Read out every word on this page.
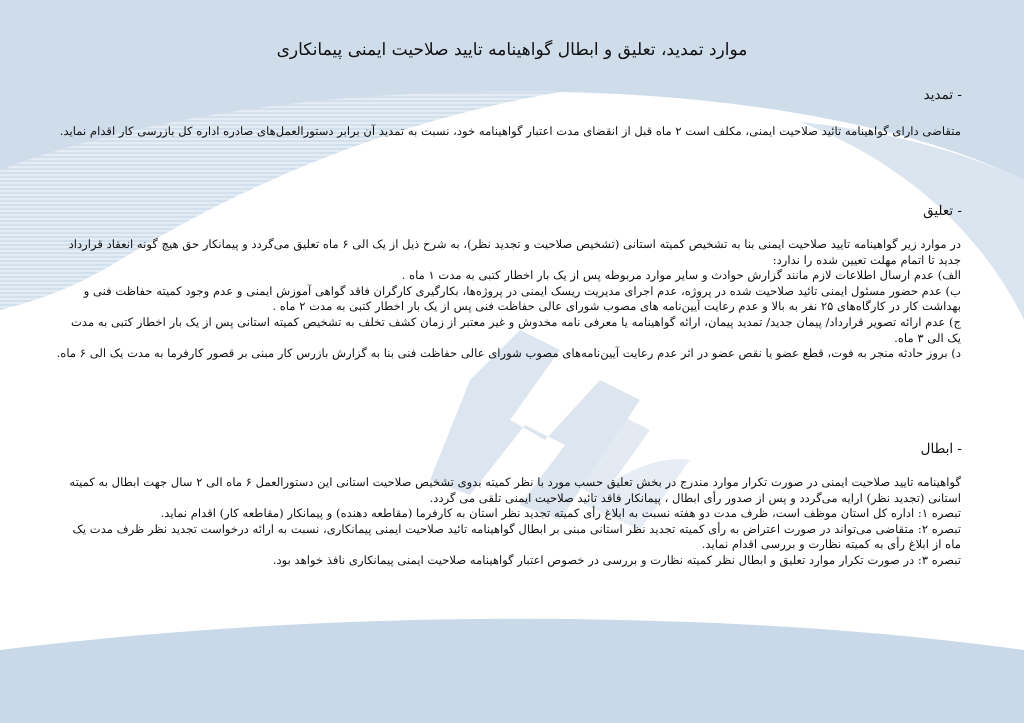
موارد تمدید، تعلیق و ابطال گواهینامه تایید صلاحیت ایمنی پیمانکاری
- تمدید

متقاضی دارای گواهینامه تائید صلاحیت ایمنی، مکلف است ۲ ماه قبل از انقضای مدت اعتبار گواهینامه خود، نسبت به تمدید آن برابر دستورالعمل‌های صادره اداره کل بازرسی کار اقدام نماید.

- تعلیق

در موارد زیر گواهینامه تایید صلاحیت ایمنی بنا به تشخیص کمیته استانی (تشخیص صلاحیت و تجدید نظر)، به شرح ذیل از یک الی ۶ ماه تعلیق می‌گردد و پیمانکار حق هیچ گونه انعقاد قرارداد جدید تا اتمام مهلت تعیین شده را ندارد:

الف) عدم ارسال اطلاعات لازم مانند گزارش حوادث و سایر موارد مربوطه پس از یک بار اخطار کتبی به مدت ۱ ماه .

ب) عدم حضور مسئول ایمنی تائید صلاحیت شده در پروژه، عدم اجرای مدیریت ریسک ایمنی در پروژه‌ها، بکارگیری کارگران فاقد گواهی آموزش ایمنی و عدم وجود کمیته حفاظت فنی و بهداشت کار در کارگاه‌های ۲۵ نفر به بالا و عدم رعایت آیین‌نامه های مصوب شورای عالی حفاظت فنی پس از یک بار اخطار کتبی به مدت ۲ ماه .

ج) عدم ارائه تصویر قرارداد/ پیمان جدید/ تمدید پیمان، ارائه گواهینامه یا معرفی نامه مخدوش و غیر معتبر از زمان کشف تخلف به تشخیص کمیته استانی پس از یک بار اخطار کتبی به مدت یک الی ۳ ماه.

د) بروز حادثه منجر به فوت، قطع عضو یا نقص عضو در اثر عدم رعایت آیین‌نامه‌های مصوب شورای عالی حفاظت فنی بنا به گزارش بازرس کار مبنی بر قصور کارفرما به مدت یک الی ۶ ماه.

- ابطال

گواهینامه تایید صلاحیت ایمنی در صورت تکرار موارد مندرج در بخش تعلیق حسب مورد با نظر کمیته بدوی تشخیص صلاحیت استانی این دستورالعمل ۶ ماه الی ۲ سال جهت ابطال به کمیته استانی (تجدید نظر) ارایه می‌گردد و پس از صدور رأی ابطال ، پیمانکار فاقد تائید صلاحیت ایمنی تلقی می گردد.

تبصره ۱: اداره کل استان موظف است، ظرف مدت دو هفته نسبت به ابلاغ رأی کمیته تجدید نظر استان به کارفرما (مقاطعه دهنده) و پیمانکار (مقاطعه کار) اقدام نماید.

تبصره ۲: متقاضی می‌تواند در صورت اعتراض به رأی کمیته تجدید نظر استانی مبنی بر ابطال گواهینامه تائید صلاحیت ایمنی پیمانکاری، نسبت به ارائه درخواست تجدید نظر ظرف مدت یک ماه از ابلاغ رأی به کمیته نظارت و بررسی اقدام نماید.

تبصره ۳: در صورت تکرار موارد تعلیق و ابطال نظر کمیته نظارت و بررسی در خصوص اعتبار گواهینامه صلاحیت ایمنی پیمانکاری نافذ خواهد بود.
